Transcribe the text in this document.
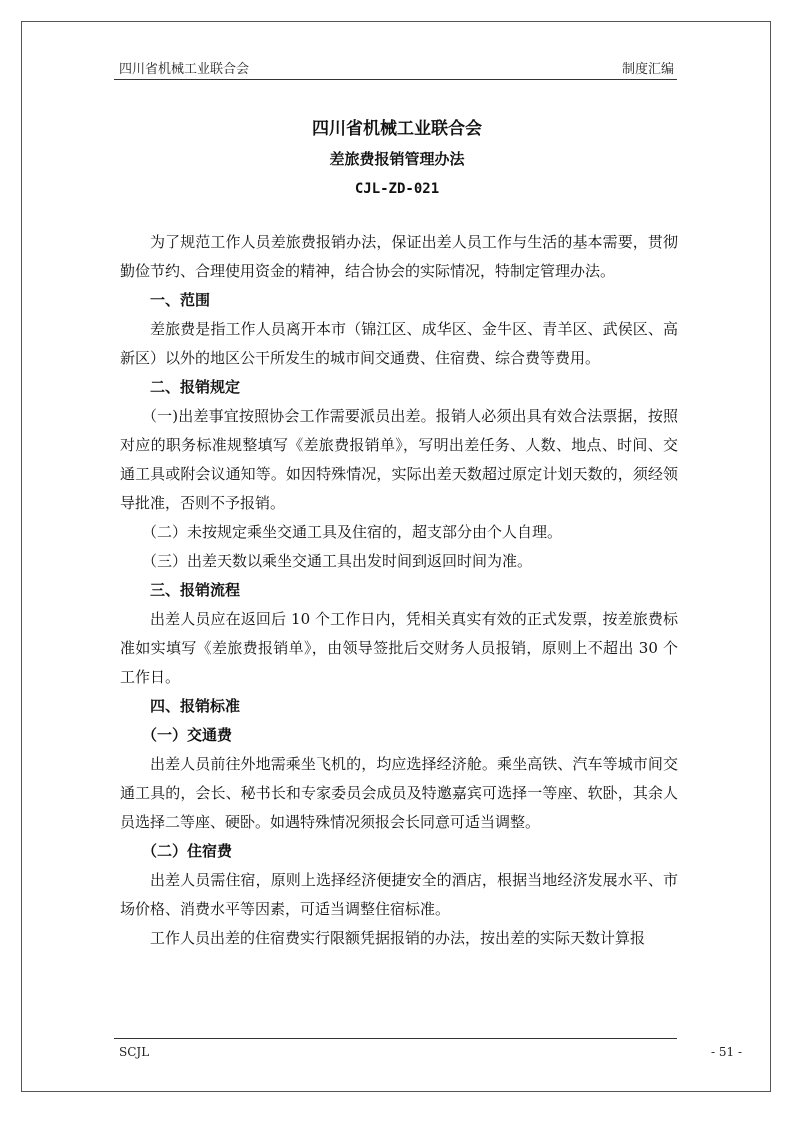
四川省机械工业联合会	制度汇编
四川省机械工业联合会
差旅费报销管理办法
CJL-ZD-021

为了规范工作人员差旅费报销办法，保证出差人员工作与生活的基本需要，贯彻勤俭节约、合理使用资金的精神，结合协会的实际情况，特制定管理办法。

一、范围

差旅费是指工作人员离开本市（锦江区、成华区、金牛区、青羊区、武侯区、高新区）以外的地区公干所发生的城市间交通费、住宿费、综合费等费用。

二、报销规定

（一)出差事宜按照协会工作需要派员出差。报销人必须出具有效合法票据，按照对应的职务标准规整填写《差旅费报销单》，写明出差任务、人数、地点、时间、交通工具或附会议通知等。如因特殊情况，实际出差天数超过原定计划天数的，须经领导批准，否则不予报销。

（二）未按规定乘坐交通工具及住宿的，超支部分由个人自理。

（三）出差天数以乘坐交通工具出发时间到返回时间为准。

三、报销流程

出差人员应在返回后 10 个工作日内，凭相关真实有效的正式发票，按差旅费标准如实填写《差旅费报销单》，由领导签批后交财务人员报销，原则上不超出 30 个工作日。

四、报销标准

（一）交通费

出差人员前往外地需乘坐飞机的，均应选择经济舱。乘坐高铁、汽车等城市间交通工具的，会长、秘书长和专家委员会成员及特邀嘉宾可选择一等座、软卧，其余人员选择二等座、硬卧。如遇特殊情况须报会长同意可适当调整。

（二）住宿费

出差人员需住宿，原则上选择经济便捷安全的酒店，根据当地经济发展水平、市场价格、消费水平等因素，可适当调整住宿标准。

工作人员出差的住宿费实行限额凭据报销的办法，按出差的实际天数计算报

SCJL	- 51 -
